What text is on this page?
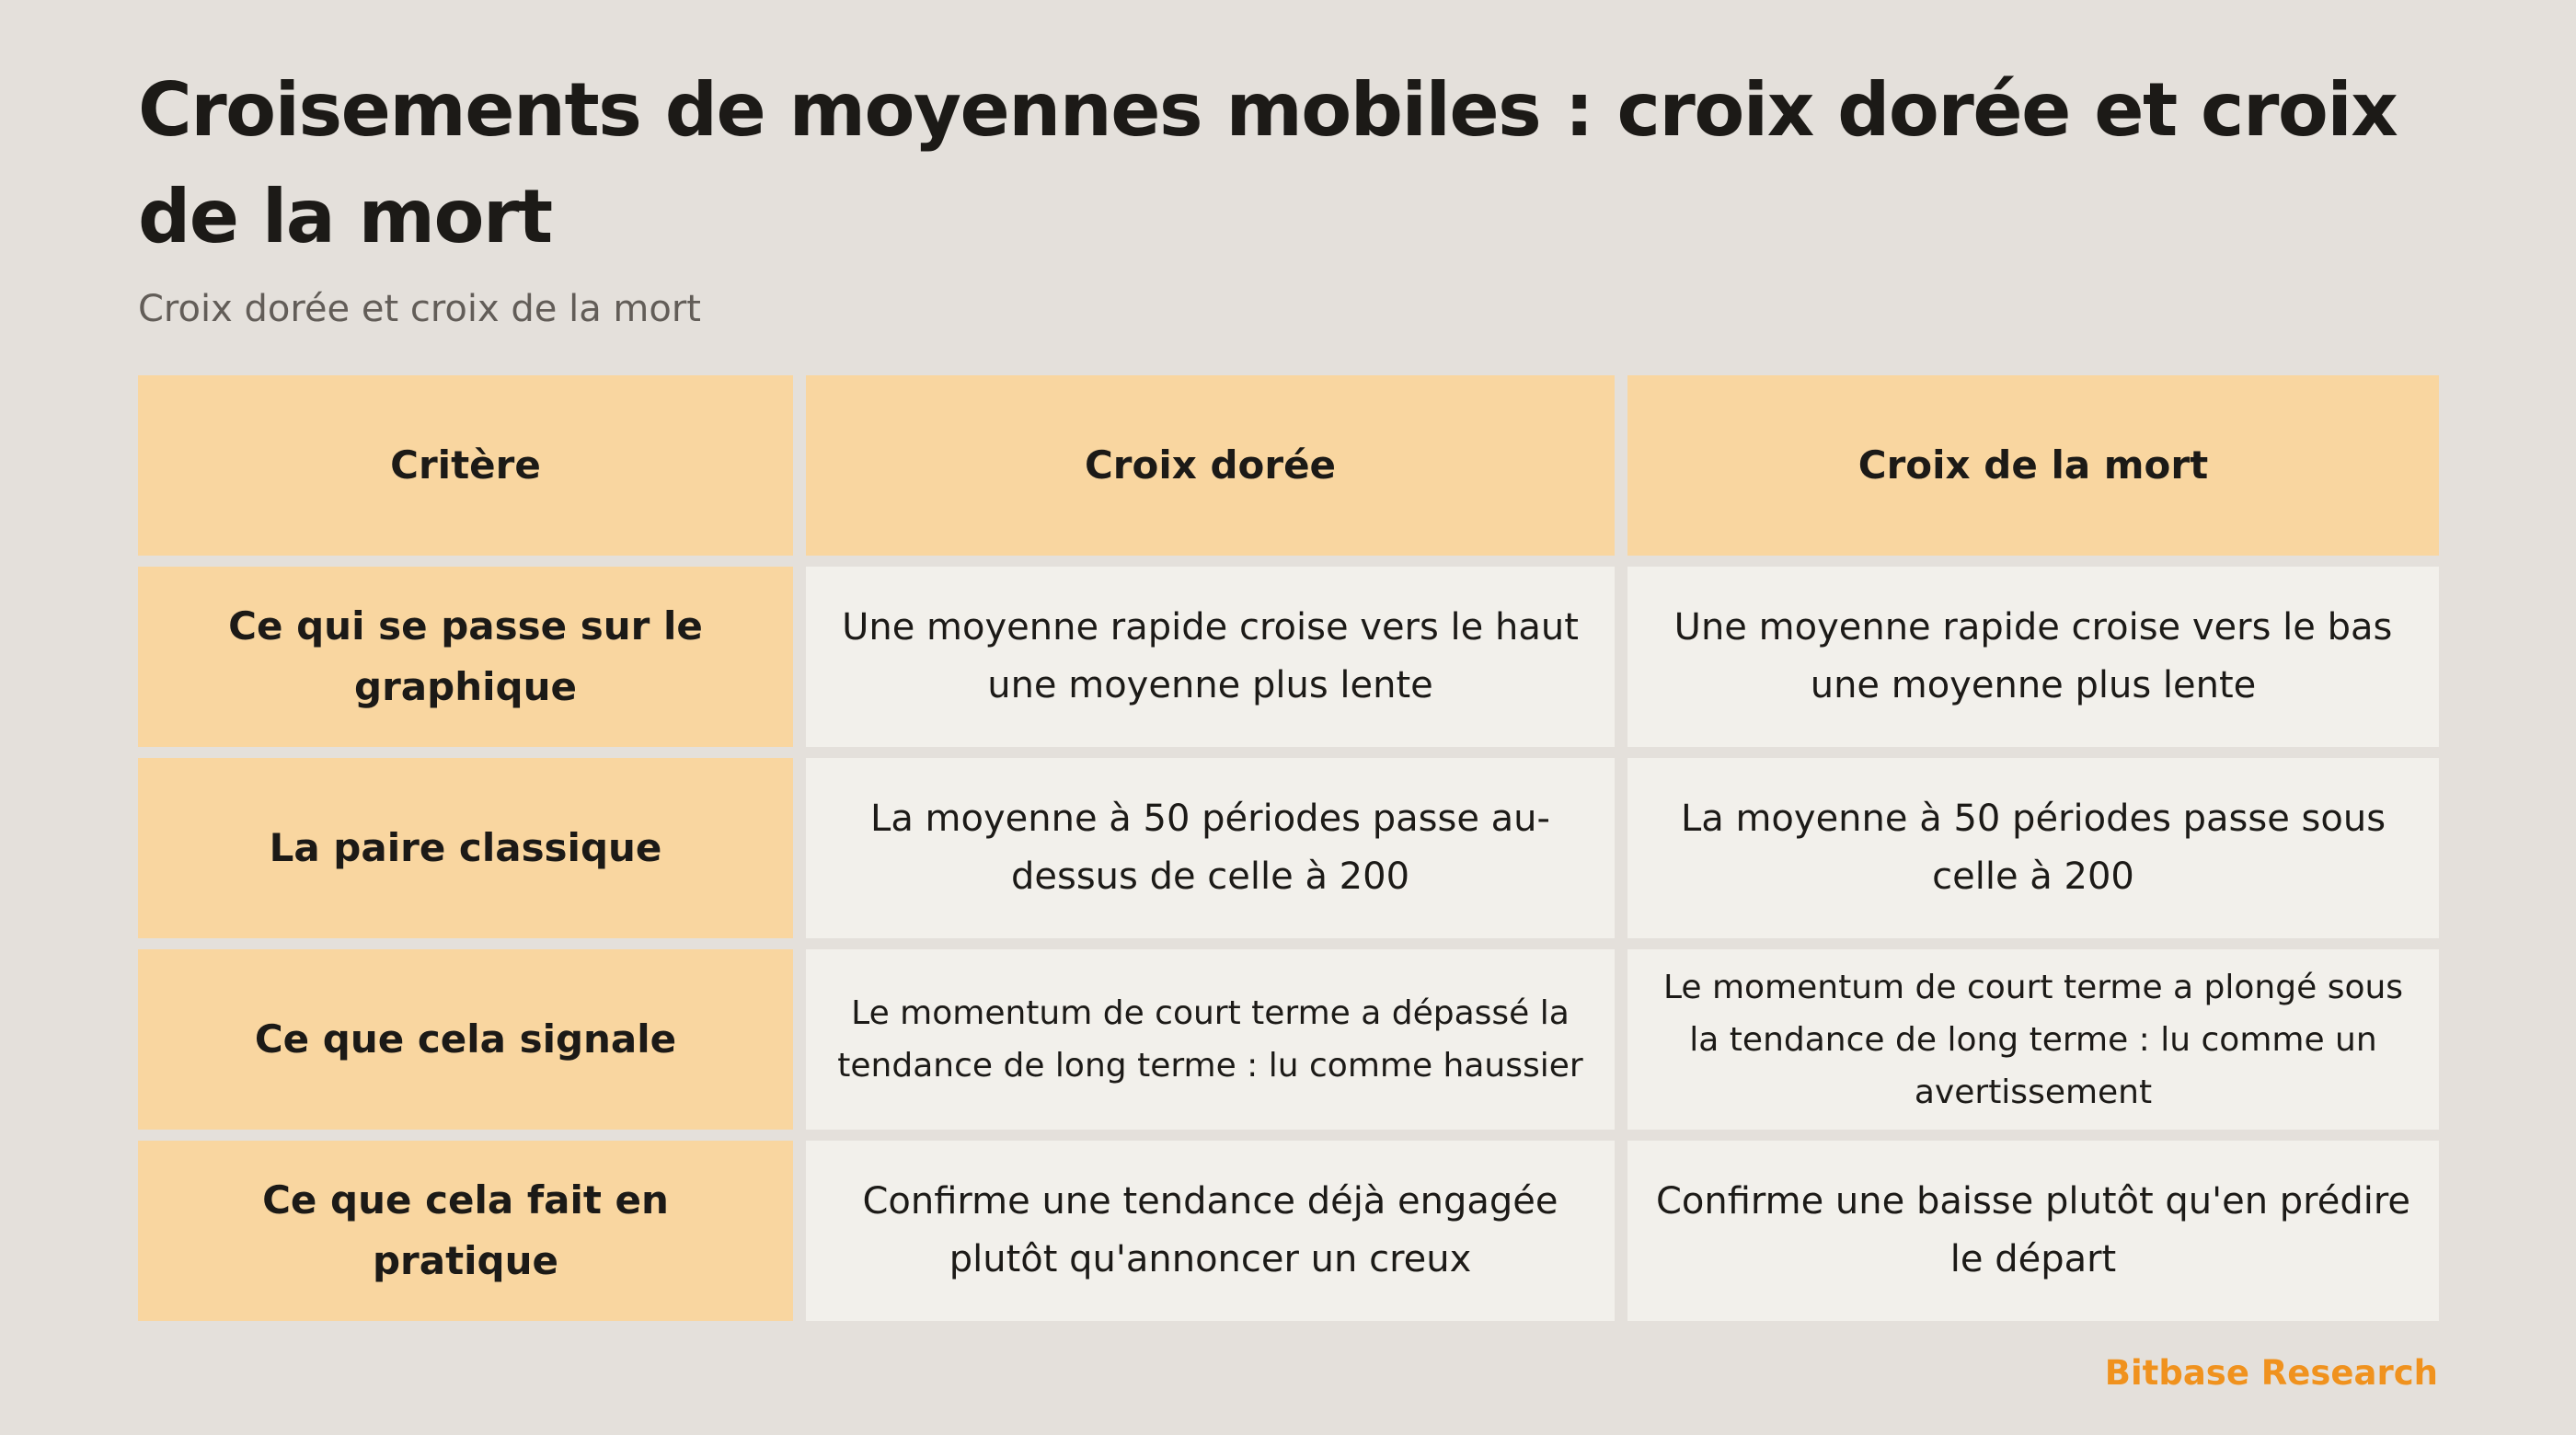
Croisements de moyennes mobiles : croix dorée et croix de la mort
Croix dorée et croix de la mort
Critère	Croix dorée	Croix de la mort
Ce qui se passe sur le graphique
Une moyenne rapide croise vers le haut une moyenne plus lente
Une moyenne rapide croise vers le bas une moyenne plus lente
La paire classique
La moyenne à 50 périodes passe au-dessus de celle à 200
La moyenne à 50 périodes passe sous celle à 200
Ce que cela signale
Le momentum de court terme a dépassé la tendance de long terme : lu comme haussier
Le momentum de court terme a plongé sous la tendance de long terme : lu comme un avertissement
Ce que cela fait en pratique
Confirme une tendance déjà engagée plutôt qu'annoncer un creux
Confirme une baisse plutôt qu'en prédire le départ
Bitbase Research
